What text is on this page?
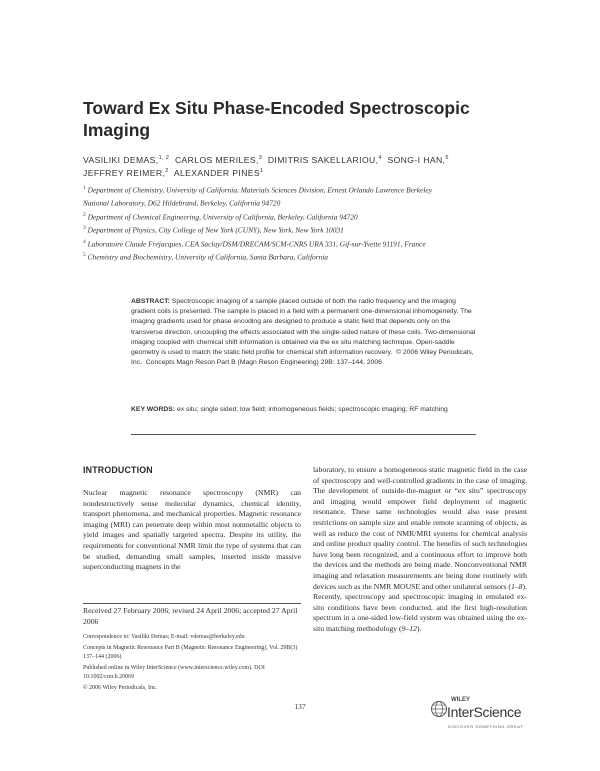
Toward Ex Situ Phase-Encoded Spectroscopic Imaging
VASILIKI DEMAS,$^{1, 2}$ CARLOS MERILES,$^3$ DIMITRIS SAKELLARIOU,$^4$ SONG-I HAN,$^5$
JEFFREY REIMER,$^2$ ALEXANDER PINES$^1$
$^1$ Department of Chemistry, University of California, Materials Sciences Division, Ernest Orlando Lawrence Berkeley
National Laboratory, D62 Hildebrand, Berkeley, California 94720
$^2$ Department of Chemical Engineering, University of California, Berkeley, California 94720
$^3$ Department of Physics, City College of New York (CUNY), New York, New York 10031
$^4$ Laboratoire Claude Fréjacques, CEA Saclay/DSM/DRECAM/SCM-CNRS URA 331, Gif-sur-Yvette 91191, France
$^5$ Chemistry and Biochemistry, University of California, Santa Barbara, California
ABSTRACT: Spectroscopic imaging of a sample placed outside of both the radio frequency and the imaging gradient coils is presented. The sample is placed in a field with a permanent one-dimensional inhomogeneity. The imaging gradients used for phase encoding are designed to produce a static field that depends only on the transverse direction, uncoupling the effects associated with the single-sided nature of these coils. Two-dimensional imaging coupled with chemical shift information is obtained via the ex situ matching technique. Open-saddle geometry is used to match the static field profile for chemical shift information recovery. © 2006 Wiley Periodicals, Inc. Concepts Magn Reson Part B (Magn Reson Engineering) 29B: 137–144, 2006
KEY WORDS: ex situ; single sided; low field; inhomogeneous fields; spectroscopic imaging; RF matching
INTRODUCTION
Nuclear magnetic resonance spectroscopy (NMR) can nondestructively sense molecular dynamics, chemical identity, transport phenomena, and mechanical properties. Magnetic resonance imaging (MRI) can penetrate deep within most nonmetallic objects to yield images and spatially targeted spectra. Despite its utility, the requirements for conventional NMR limit the type of systems that can be studied, demanding small samples, inserted inside massive superconducting magnets in the
laboratory, to ensure a homogeneous static magnetic field in the case of spectroscopy and well-controlled gradients in the case of imaging. The development of outside-the-magnet or “ex situ” spectroscopy and imaging would empower field deployment of magnetic resonance. These same technologies would also ease present restrictions on sample size and enable remote scanning of objects, as well as reduce the cost of NMR/MRI systems for chemical analysis and online product quality control. The benefits of such technologies have long been recognized, and a continuous effort to improve both the devices and the methods are being made. Nonconventional NMR imaging and relaxation measurements are being done routinely with devices such as the NMR MOUSE and other unilateral sensors (1–8). Recently, spectroscopy and spectroscopic imaging in emulated ex-situ conditions have been conducted, and the first high-resolution spectrum in a one-sided low-field system was obtained using the ex-situ matching methodology (9–12).
Received 27 February 2006; revised 24 April 2006; accepted 27 April 2006
Correspondence to: Vasiliki Demas; E-mail: vdemas@berkeley.edu
Concepts in Magnetic Resonance Part B (Magnetic Resonance Engineering), Vol. 29B(3) 137–144 (2006)
Published online in Wiley InterScience (www.interscience.wiley.com). DOI 10.1002/cmr.b.20069
© 2006 Wiley Periodicals, Inc.
137
WILEY
InterScience
DISCOVER SOMETHING GREAT
